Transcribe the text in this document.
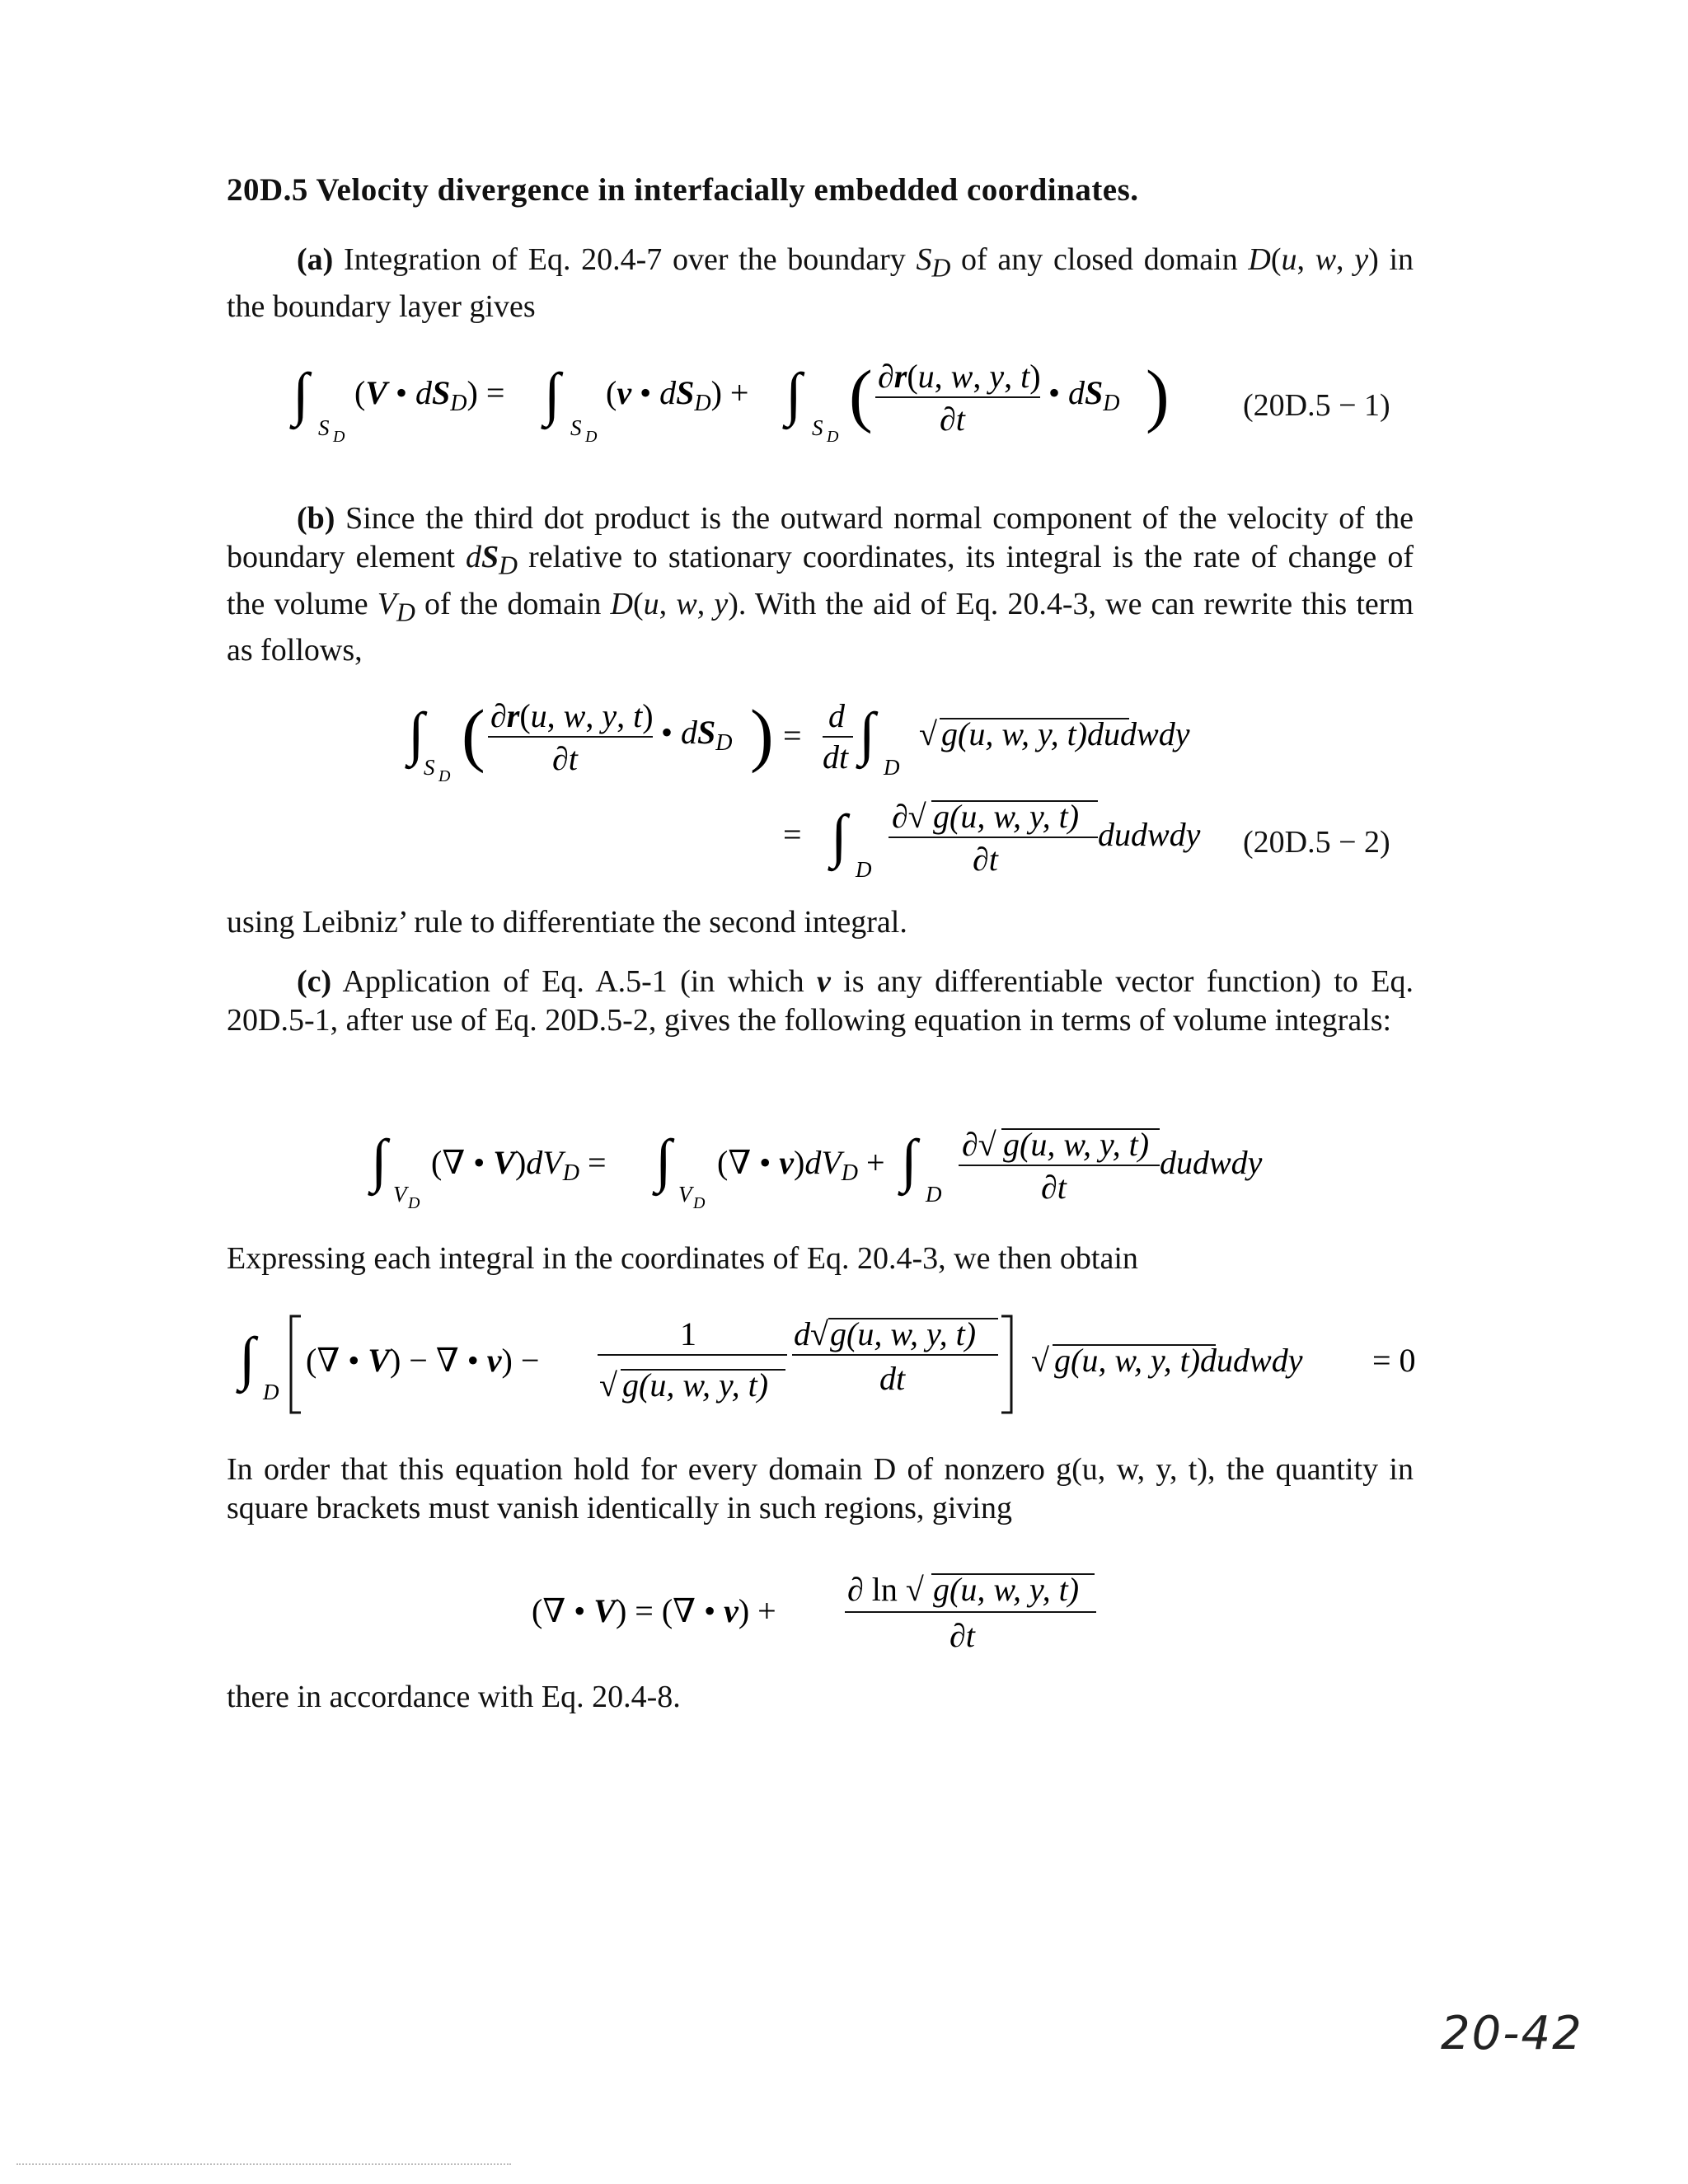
20D.5 Velocity divergence in interfacially embedded coordinates.
(a) Integration of Eq. 20.4-7 over the boundary $S_D$ of any closed domain D(u, w, y) in the boundary layer gives
∫
S D
(V • $dS_D$) = ∫
S D
(v • $dS_D$) + ∫
S D
( ∂r(u, w, y, t)
∂t
• $dS_D$ ) (20D.5 − 1)
(b) Since the third dot product is the outward normal component of the velocity of the boundary element $dS_D$ relative to stationary coordinates, its integral is the rate of change of the volume $V_D$ of the domain D(u, w, y). With the aid of Eq. 20.4-3, we can rewrite this term as follows,
∫
S D
( ∂r(u, w, y, t)
∂t
• $dS_D$ ) =
d
dt ∫
D
√ g(u, w, y, t)dudwdy
= ∫
D
∂√ g(u, w, y, t)
∂t
dudwdy (20D.5 − 2)
using Leibniz’ rule to differentiate the second integral.
(c) Application of Eq. A.5-1 (in which v is any differentiable vector function) to Eq. 20D.5-1, after use of Eq. 20D.5-2, gives the following equation in terms of volume integrals:
∫
V D
(∇ • $V)dV_D$ = ∫
V D
(∇ • $v)dV_D$ + ∫
D
∂√ g(u, w, y, t)
∂t
dudwdy
Expressing each integral in the coordinates of Eq. 20.4-3, we then obtain
∫
D
(∇ • V) − ∇ • v) −
1
√ g(u, w, y, t)
d√ g(u, w, y, t)
dt	√ g(u, w, y, t)dudwdy = 0
In order that this equation hold for every domain D of nonzero g(u, w, y, t), the quantity in square brackets must vanish identically in such regions, giving
(∇ • V) = (∇ • v) +
∂ ln √ g(u, w, y, t)
∂t
there in accordance with Eq. 20.4-8.
20-42
